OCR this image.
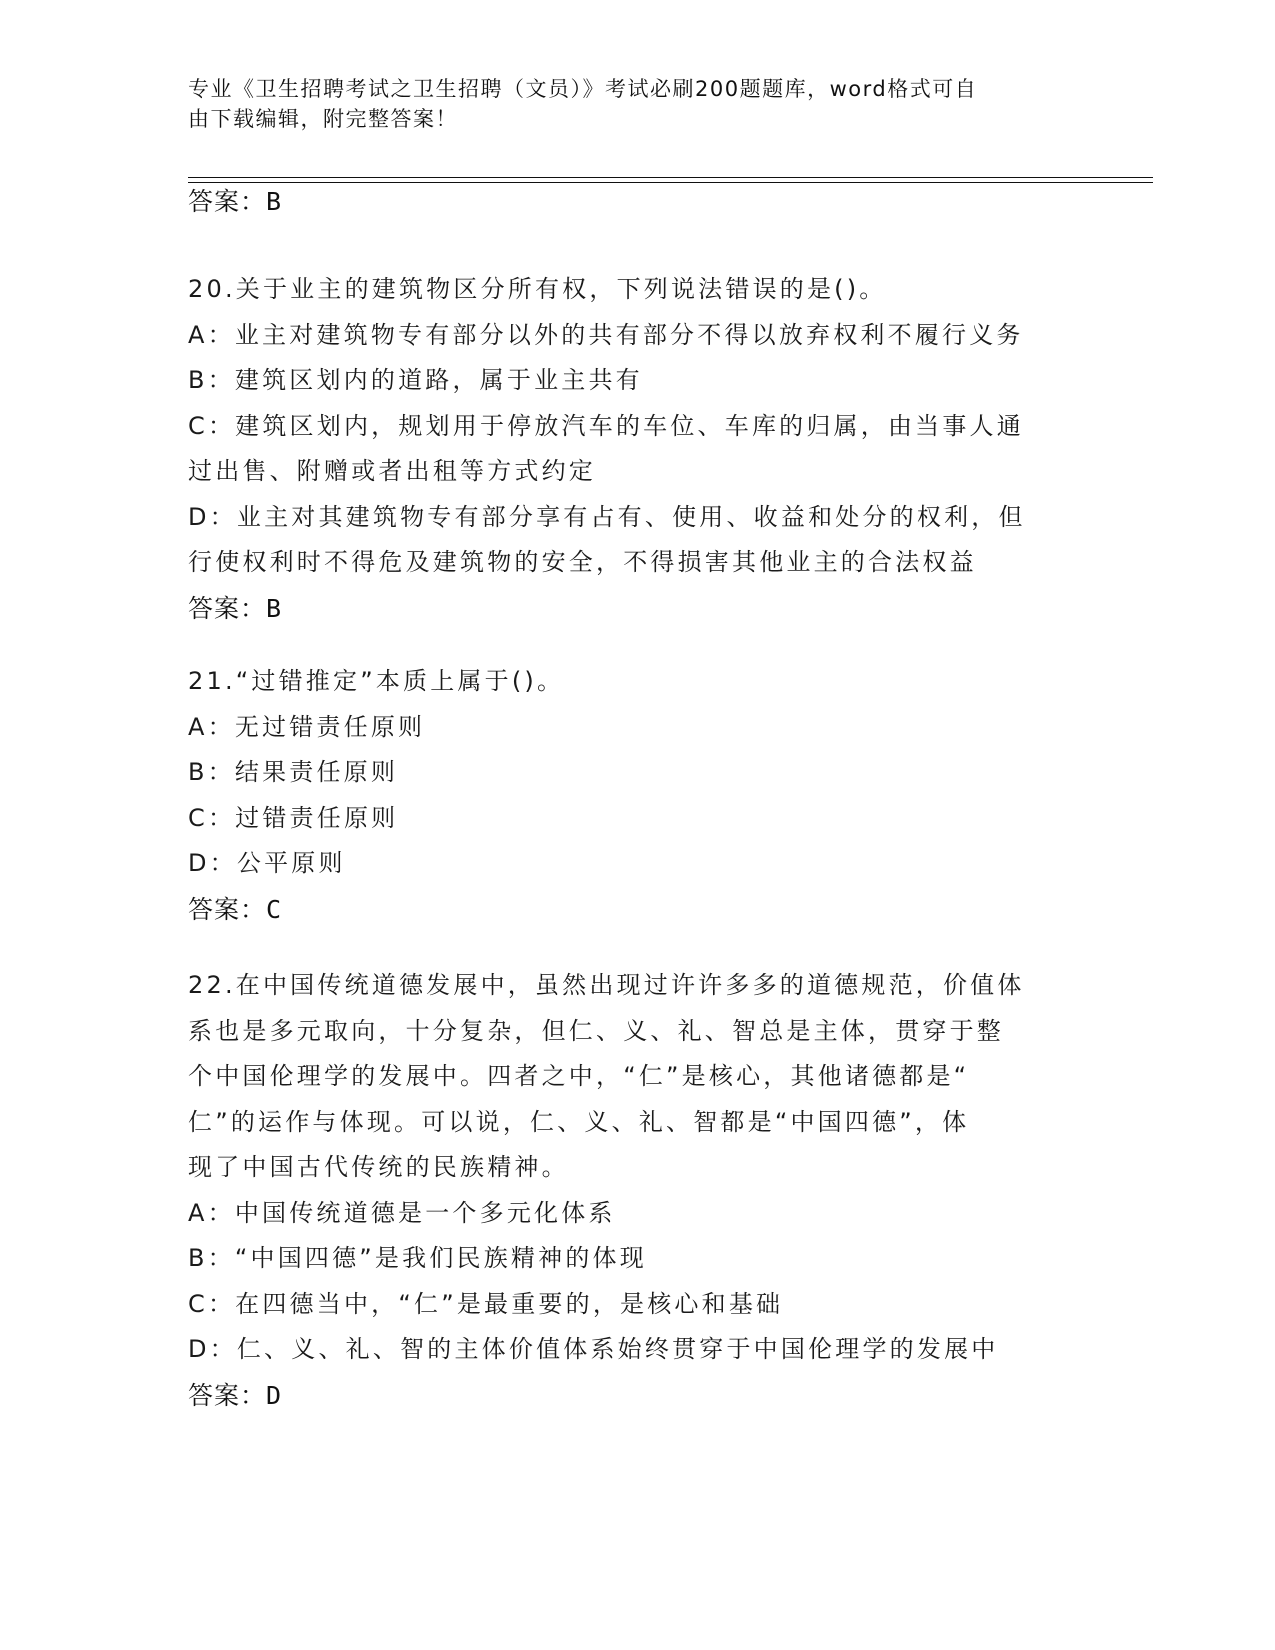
专业《卫生招聘考试之卫生招聘（文员）》考试必刷200题题库，word格式可自
由下载编辑，附完整答案！
答案：B
20.关于业主的建筑物区分所有权，下列说法错误的是()。
A：业主对建筑物专有部分以外的共有部分不得以放弃权利不履行义务
B：建筑区划内的道路，属于业主共有
C：建筑区划内，规划用于停放汽车的车位、车库的归属，由当事人通
过出售、附赠或者出租等方式约定
D：业主对其建筑物专有部分享有占有、使用、收益和处分的权利，但
行使权利时不得危及建筑物的安全，不得损害其他业主的合法权益
答案：B
21.“过错推定”本质上属于()。
A：无过错责任原则
B：结果责任原则
C：过错责任原则
D：公平原则
答案：C
22.在中国传统道德发展中，虽然出现过许许多多的道德规范，价值体
系也是多元取向，十分复杂，但仁、义、礼、智总是主体，贯穿于整
个中国伦理学的发展中。四者之中，“仁”是核心，其他诸德都是“
仁”的运作与体现。可以说，仁、义、礼、智都是“中国四德”，体
现了中国古代传统的民族精神。
A：中国传统道德是一个多元化体系
B：“中国四德”是我们民族精神的体现
C：在四德当中，“仁”是最重要的，是核心和基础
D：仁、义、礼、智的主体价值体系始终贯穿于中国伦理学的发展中
答案：D
